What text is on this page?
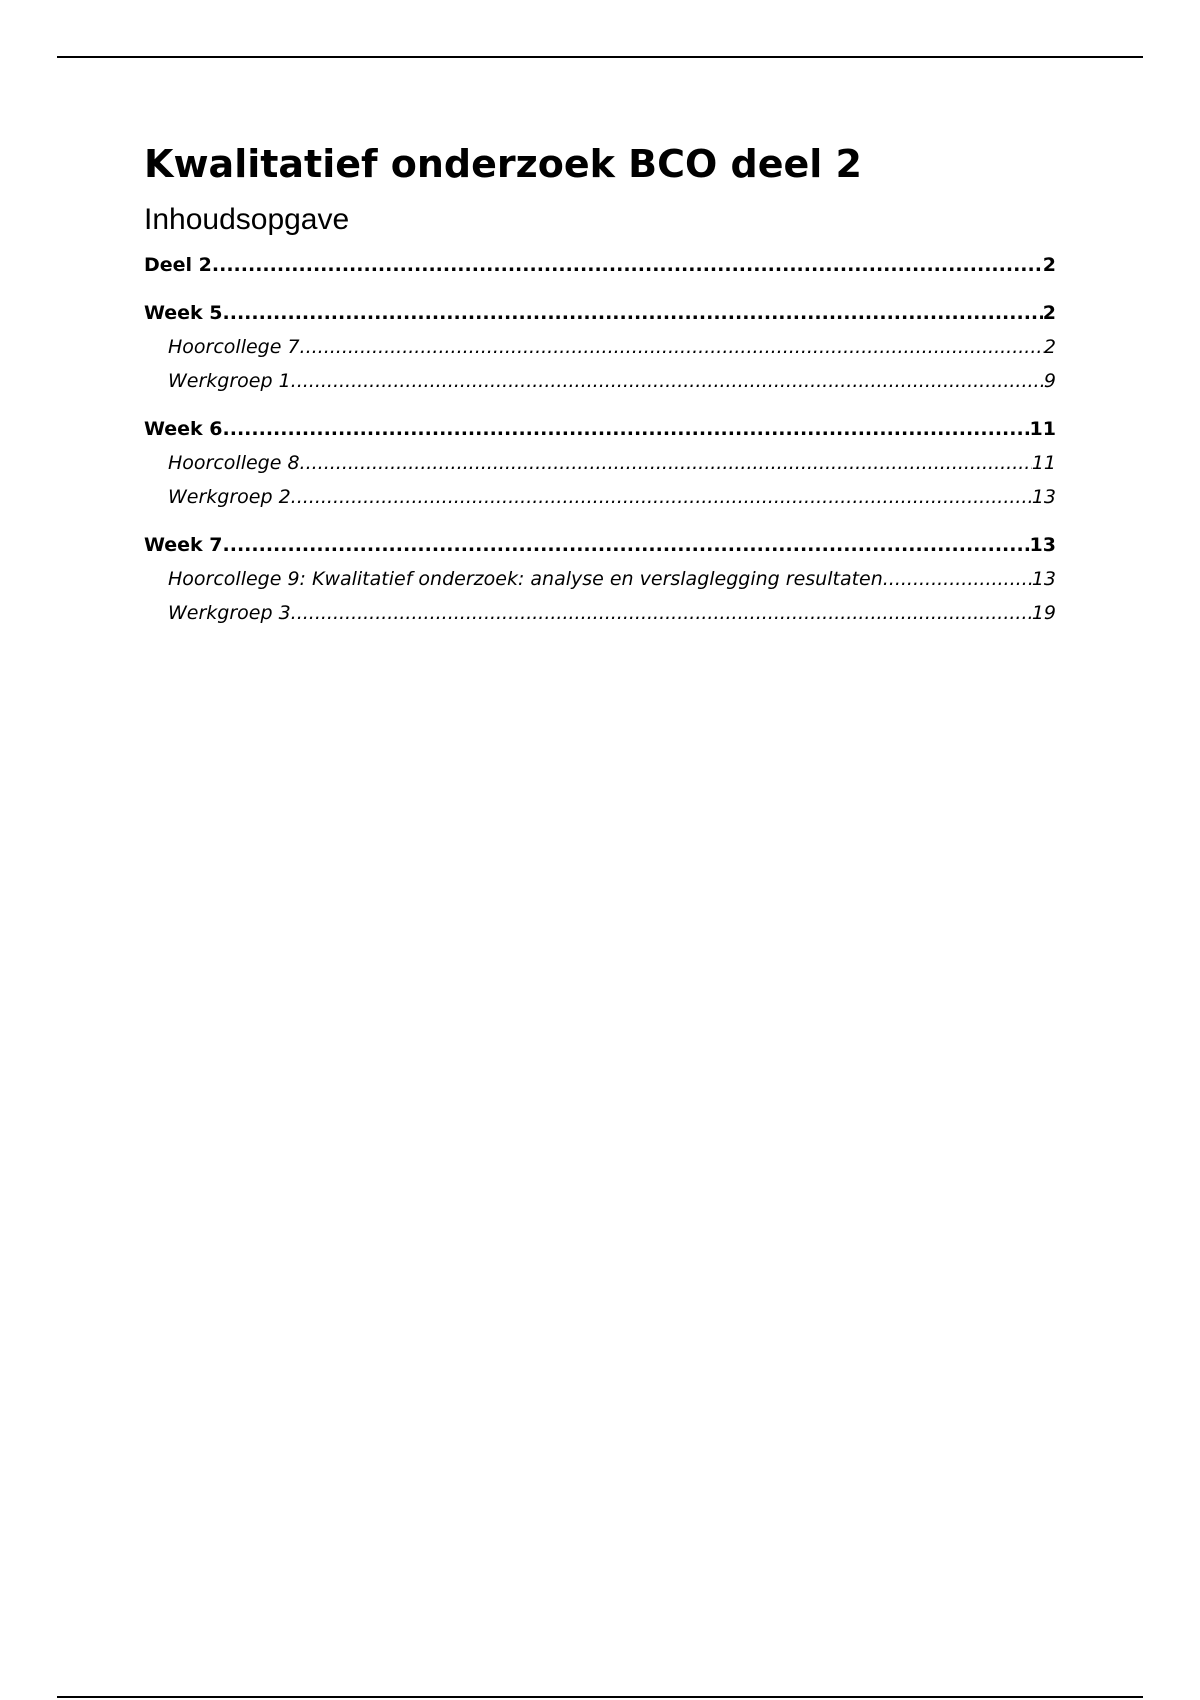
Kwalitatief onderzoek BCO deel 2
Inhoudsopgave
Deel 2 .....	2
Week 5 .....	2
Hoorcollege 7 .....	2
Werkgroep 1 .....	9
Week 6 .....	11
Hoorcollege 8 .....	11
Werkgroep 2 .....	13
Week 7 .....	13
Hoorcollege 9: Kwalitatief onderzoek: analyse en verslaglegging resultaten .....	13
Werkgroep 3 .....	19
